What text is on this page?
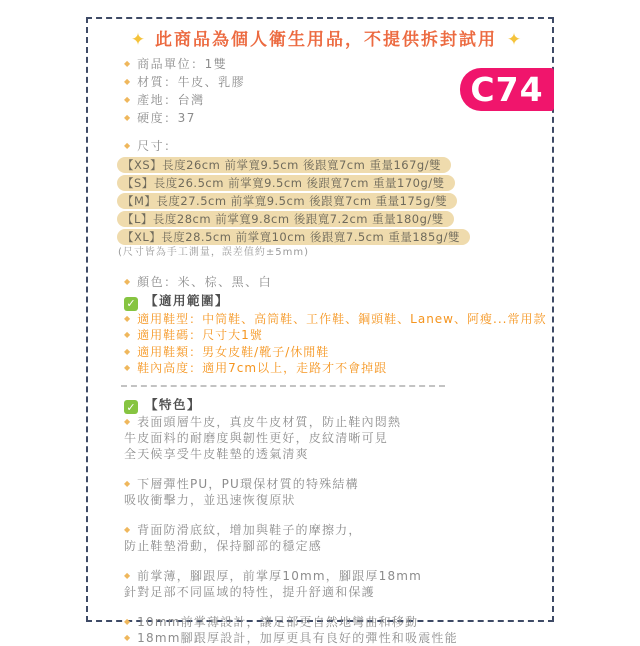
✦ 此商品為個人衛生用品，不提供拆封試用 ✦
◆ 商品單位：1雙
◆ 材質：牛皮、乳膠
◆ 產地：台灣
◆ 硬度：37
◆ 尺寸：
【XS】長度26cm 前掌寬9.5cm 後跟寬7cm 重量167g/雙
【S】長度26.5cm 前掌寬9.5cm 後跟寬7cm 重量170g/雙
【M】長度27.5cm 前掌寬9.5cm 後跟寬7cm 重量175g/雙
【L】長度28cm 前掌寬9.8cm 後跟寬7.2cm 重量180g/雙
【XL】長度28.5cm 前掌寬10cm 後跟寬7.5cm 重量185g/雙
(尺寸皆為手工測量，誤差值約±5mm)
◆ 顏色：米、棕、黑、白
✓ 【適用範圍】
◆ 適用鞋型：中筒鞋、高筒鞋、工作鞋、鋼頭鞋、Lanew、阿瘦...常用款
◆ 適用鞋碼：尺寸大1號
◆ 適用鞋類：男女皮鞋/靴子/休閒鞋
◆ 鞋內高度：適用7cm以上，走路才不會掉跟
✓ 【特色】
◆ 表面頭層牛皮，真皮牛皮材質，防止鞋內悶熱
牛皮面料的耐磨度與韌性更好，皮紋清晰可見
全天候享受牛皮鞋墊的透氣清爽
◆ 下層彈性PU，PU環保材質的特殊結構
吸收衝擊力，並迅速恢復原狀
◆ 背面防滑底紋，增加與鞋子的摩擦力，
防止鞋墊滑動，保持腳部的穩定感
◆ 前掌薄，腳跟厚，前掌厚10mm，腳跟厚18mm
針對足部不同區域的特性，提升舒適和保護
◆ 10mm前掌薄設計，讓足部更自然地彎曲和移動
◆ 18mm腳跟厚設計，加厚更具有良好的彈性和吸震性能
C74
